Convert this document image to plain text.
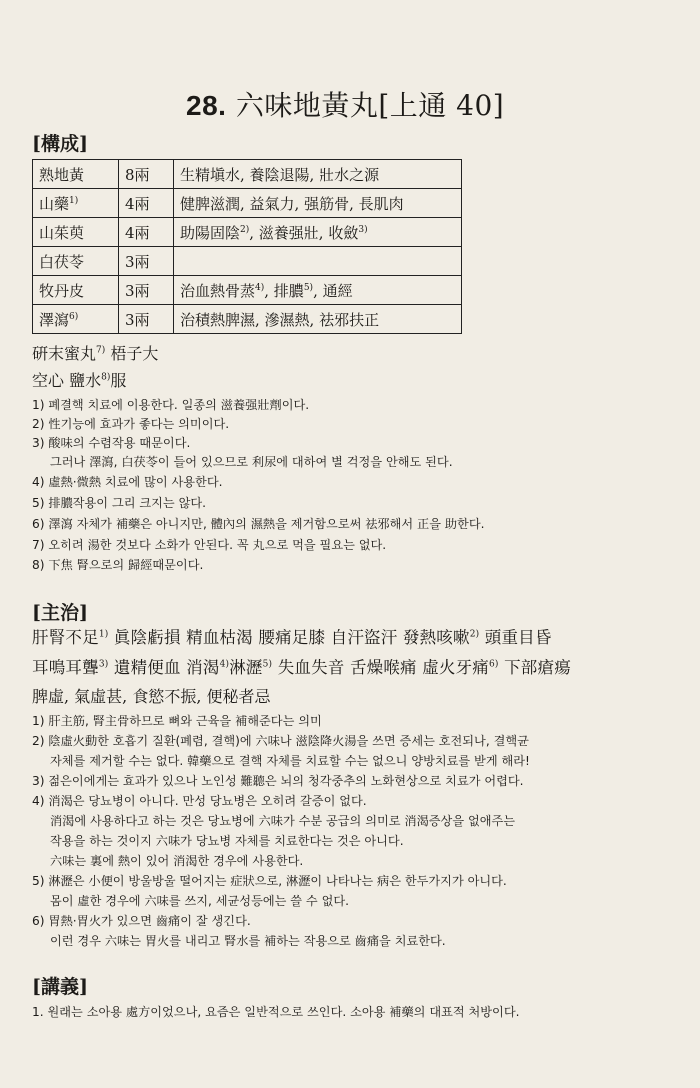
28. 六味地黃丸[上通 40]
[構成]
熟地黃	8兩	生精塡水, 養陰退陽, 壯水之源
山藥$^{1)}$	4兩	健脾滋潤, 益氣力, 强筋骨, 長肌肉
山茱萸	4兩	助陽固陰$^{2)}$, 滋養强壯, 收斂$^{3)}$
白茯苓	3兩	
牧丹皮	3兩	治血熱骨蒸$^{4)}$, 排膿$^{5)}$, 通經
澤瀉$^{6)}$	3兩	治積熱脾濕, 滲濕熱, 祛邪扶正

硏末蜜丸$^{7)}$ 梧子大

空心 鹽水$^{8)}$服

1) 폐결핵 치료에 이용한다. 일종의 滋養强壯劑이다.

2) 性기능에 효과가 좋다는 의미이다.

3) 酸味의 수렴작용 때문이다.

그러나 澤瀉, 白茯苓이 들어 있으므로 利尿에 대하여 별 걱정을 안해도 된다.

4) 虛熱·微熱 치료에 많이 사용한다.

5) 排膿작용이 그리 크지는 않다.

6) 澤瀉 자체가 補藥은 아니지만, 體內의 濕熱을 제거함으로써 祛邪해서 正을 助한다.

7) 오히려 湯한 것보다 소화가 안된다. 꼭 丸으로 먹을 필요는 없다.

8) 下焦 腎으로의 歸經때문이다.

[主治]

肝腎不足$^{1)}$ 眞陰虧損 精血枯渴 腰痛足膝 自汗盜汗 發熱咳嗽$^{2)}$ 頭重目昏

耳鳴耳聾$^{3)}$ 遺精便血 消渴$^{4)}$淋瀝$^{5)}$ 失血失音 舌燥喉痛 虛火牙痛$^{6)}$ 下部瘡瘍

脾虛, 氣虛甚, 食慾不振, 便秘者忌

1) 肝主筋, 腎主骨하므로 뼈와 근육을 補해준다는 의미

2) 陰虛火動한 호흡기 질환(폐렴, 결핵)에 六味나 滋陰降火湯을 쓰면 증세는 호전되나, 결핵균

자체를 제거할 수는 없다. 韓藥으로 결핵 자체를 치료할 수는 없으니 양방치료를 받게 해라!

3) 젊은이에게는 효과가 있으나 노인성 難聽은 뇌의 청각중추의 노화현상으로 치료가 어렵다.

4) 消渴은 당뇨병이 아니다. 만성 당뇨병은 오히려 갈증이 없다.

消渴에 사용하다고 하는 것은 당뇨병에 六味가 수분 공급의 의미로 消渴증상을 없애주는

작용을 하는 것이지 六味가 당뇨병 자체를 치료한다는 것은 아니다.

六味는 裏에 熱이 있어 消渴한 경우에 사용한다.

5) 淋瀝은 小便이 방울방울 떨어지는 症狀으로, 淋瀝이 나타나는 病은 한두가지가 아니다.

몸이 虛한 경우에 六味를 쓰지, 세균성등에는 쓸 수 없다.

6) 胃熱·胃火가 있으면 齒痛이 잘 생긴다.

이런 경우 六味는 胃火를 내리고 腎水를 補하는 작용으로 齒痛을 치료한다.

[講義]

1. 원래는 소아용 處方이었으나, 요즘은 일반적으로 쓰인다. 소아용 補藥의 대표적 처방이다.
